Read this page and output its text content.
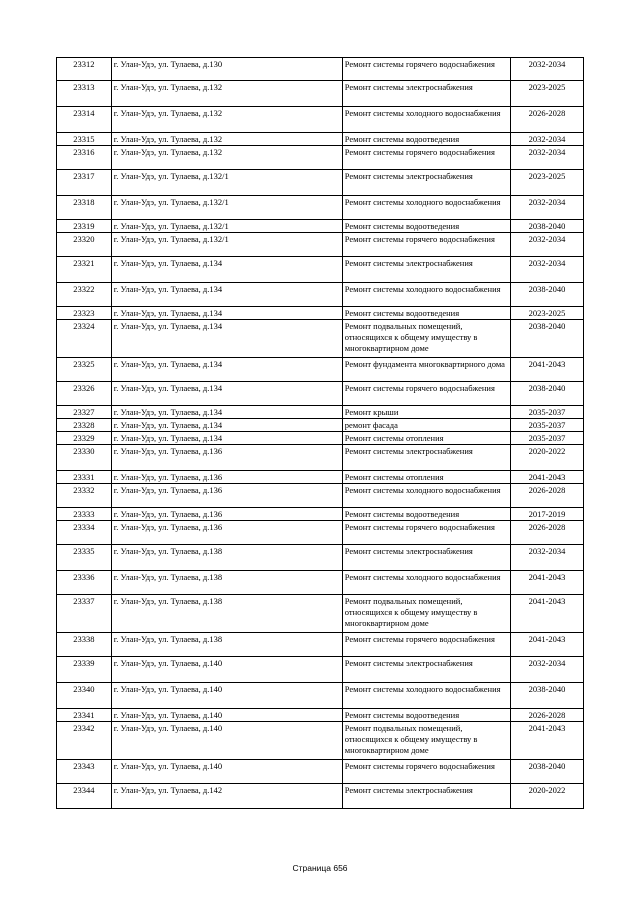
23312	г. Улан-Удэ, ул. Тулаева, д.130	Ремонт системы горячего водоснабжения	2032-2034
23313	г. Улан-Удэ, ул. Тулаева, д.132	Ремонт системы электроснабжения	2023-2025
23314	г. Улан-Удэ, ул. Тулаева, д.132	Ремонт системы холодного водоснабжения	2026-2028
23315	г. Улан-Удэ, ул. Тулаева, д.132	Ремонт системы водоотведения	2032-2034
23316	г. Улан-Удэ, ул. Тулаева, д.132	Ремонт системы горячего водоснабжения	2032-2034
23317	г. Улан-Удэ, ул. Тулаева, д.132/1	Ремонт системы электроснабжения	2023-2025
23318	г. Улан-Удэ, ул. Тулаева, д.132/1	Ремонт системы холодного водоснабжения	2032-2034
23319	г. Улан-Удэ, ул. Тулаева, д.132/1	Ремонт системы водоотведения	2038-2040
23320	г. Улан-Удэ, ул. Тулаева, д.132/1	Ремонт системы горячего водоснабжения	2032-2034
23321	г. Улан-Удэ, ул. Тулаева, д.134	Ремонт системы электроснабжения	2032-2034
23322	г. Улан-Удэ, ул. Тулаева, д.134	Ремонт системы холодного водоснабжения	2038-2040
23323	г. Улан-Удэ, ул. Тулаева, д.134	Ремонт системы водоотведения	2023-2025
23324	г. Улан-Удэ, ул. Тулаева, д.134	Ремонт подвальных помещений, относящихся к общему имуществу в многоквартирном доме	2038-2040
23325	г. Улан-Удэ, ул. Тулаева, д.134	Ремонт фундамента многоквартирного дома	2041-2043
23326	г. Улан-Удэ, ул. Тулаева, д.134	Ремонт системы горячего водоснабжения	2038-2040
23327	г. Улан-Удэ, ул. Тулаева, д.134	Ремонт крыши	2035-2037
23328	г. Улан-Удэ, ул. Тулаева, д.134	ремонт фасада	2035-2037
23329	г. Улан-Удэ, ул. Тулаева, д.134	Ремонт системы отопления	2035-2037
23330	г. Улан-Удэ, ул. Тулаева, д.136	Ремонт системы электроснабжения	2020-2022
23331	г. Улан-Удэ, ул. Тулаева, д.136	Ремонт системы отопления	2041-2043
23332	г. Улан-Удэ, ул. Тулаева, д.136	Ремонт системы холодного водоснабжения	2026-2028
23333	г. Улан-Удэ, ул. Тулаева, д.136	Ремонт системы водоотведения	2017-2019
23334	г. Улан-Удэ, ул. Тулаева, д.136	Ремонт системы горячего водоснабжения	2026-2028
23335	г. Улан-Удэ, ул. Тулаева, д.138	Ремонт системы электроснабжения	2032-2034
23336	г. Улан-Удэ, ул. Тулаева, д.138	Ремонт системы холодного водоснабжения	2041-2043
23337	г. Улан-Удэ, ул. Тулаева, д.138	Ремонт подвальных помещений, относящихся к общему имуществу в многоквартирном доме	2041-2043
23338	г. Улан-Удэ, ул. Тулаева, д.138	Ремонт системы горячего водоснабжения	2041-2043
23339	г. Улан-Удэ, ул. Тулаева, д.140	Ремонт системы электроснабжения	2032-2034
23340	г. Улан-Удэ, ул. Тулаева, д.140	Ремонт системы холодного водоснабжения	2038-2040
23341	г. Улан-Удэ, ул. Тулаева, д.140	Ремонт системы водоотведения	2026-2028
23342	г. Улан-Удэ, ул. Тулаева, д.140	Ремонт подвальных помещений, относящихся к общему имуществу в многоквартирном доме	2041-2043
23343	г. Улан-Удэ, ул. Тулаева, д.140	Ремонт системы горячего водоснабжения	2038-2040
23344	г. Улан-Удэ, ул. Тулаева, д.142	Ремонт системы электроснабжения	2020-2022
Страница 656
